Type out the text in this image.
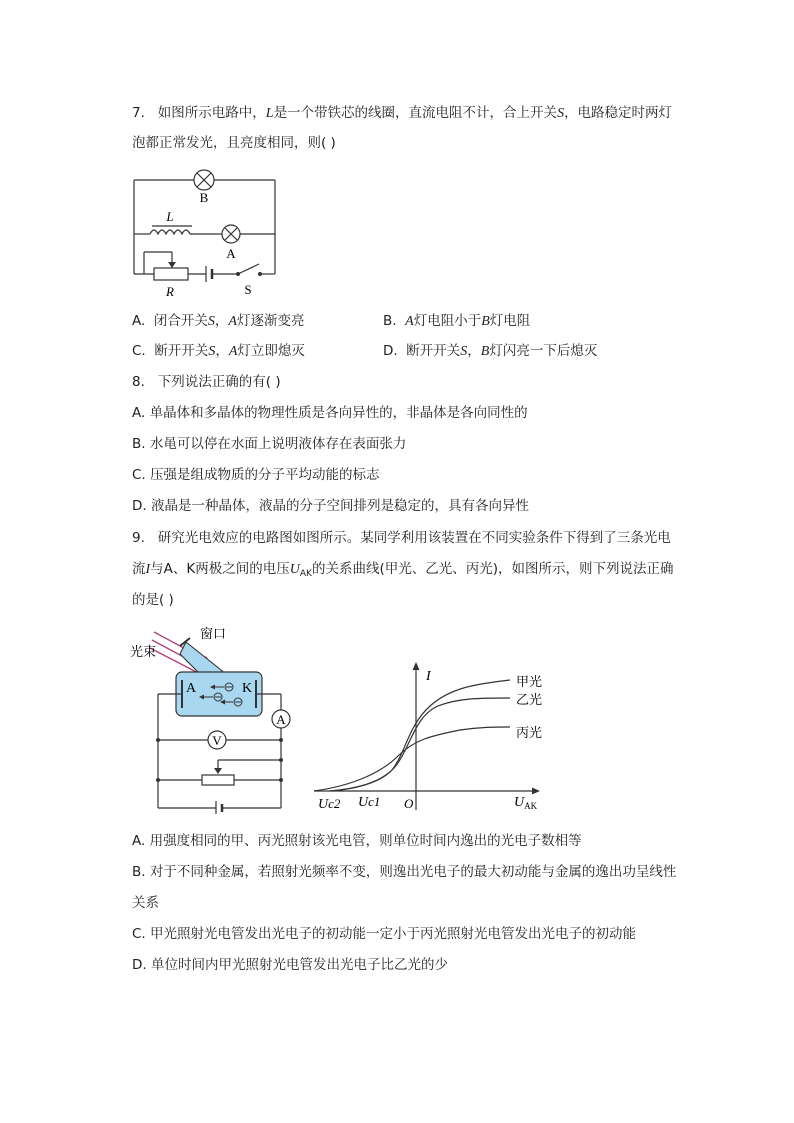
7. 如图所示电路中，L是一个带铁芯的线圈，直流电阻不计，合上开关S，电路稳定时两灯
泡都正常发光，且亮度相同，则( )
B
L
A
R	S
A. 闭合开关S，A灯逐渐变亮	B. A灯电阻小于B灯电阻
C. 断开开关S，A灯立即熄灭	D. 断开开关S，B灯闪亮一下后熄灭
8. 下列说法正确的有( )
A. 单晶体和多晶体的物理性质是各向异性的，非晶体是各向同性的
B. 水黾可以停在水面上说明液体存在表面张力
C. 压强是组成物质的分子平均动能的标志
D. 液晶是一种晶体，液晶的分子空间排列是稳定的，具有各向异性
9. 研究光电效应的电路图如图所示。某同学利用该装置在不同实验条件下得到了三条光电
流I与A、K两极之间的电压$U_{AK}$的关系曲线(甲光、乙光、丙光)，如图所示，则下列说法正确
的是( )
窗口
光束
A	K
A
V
I	甲光
乙光
丙光
O
Uc2 Uc1	$U_{AK}$
A. 用强度相同的甲、丙光照射该光电管，则单位时间内逸出的光电子数相等
B. 对于不同种金属，若照射光频率不变，则逸出光电子的最大初动能与金属的逸出功呈线性
关系
C. 甲光照射光电管发出光电子的初动能一定小于丙光照射光电管发出光电子的初动能
D. 单位时间内甲光照射光电管发出光电子比乙光的少
